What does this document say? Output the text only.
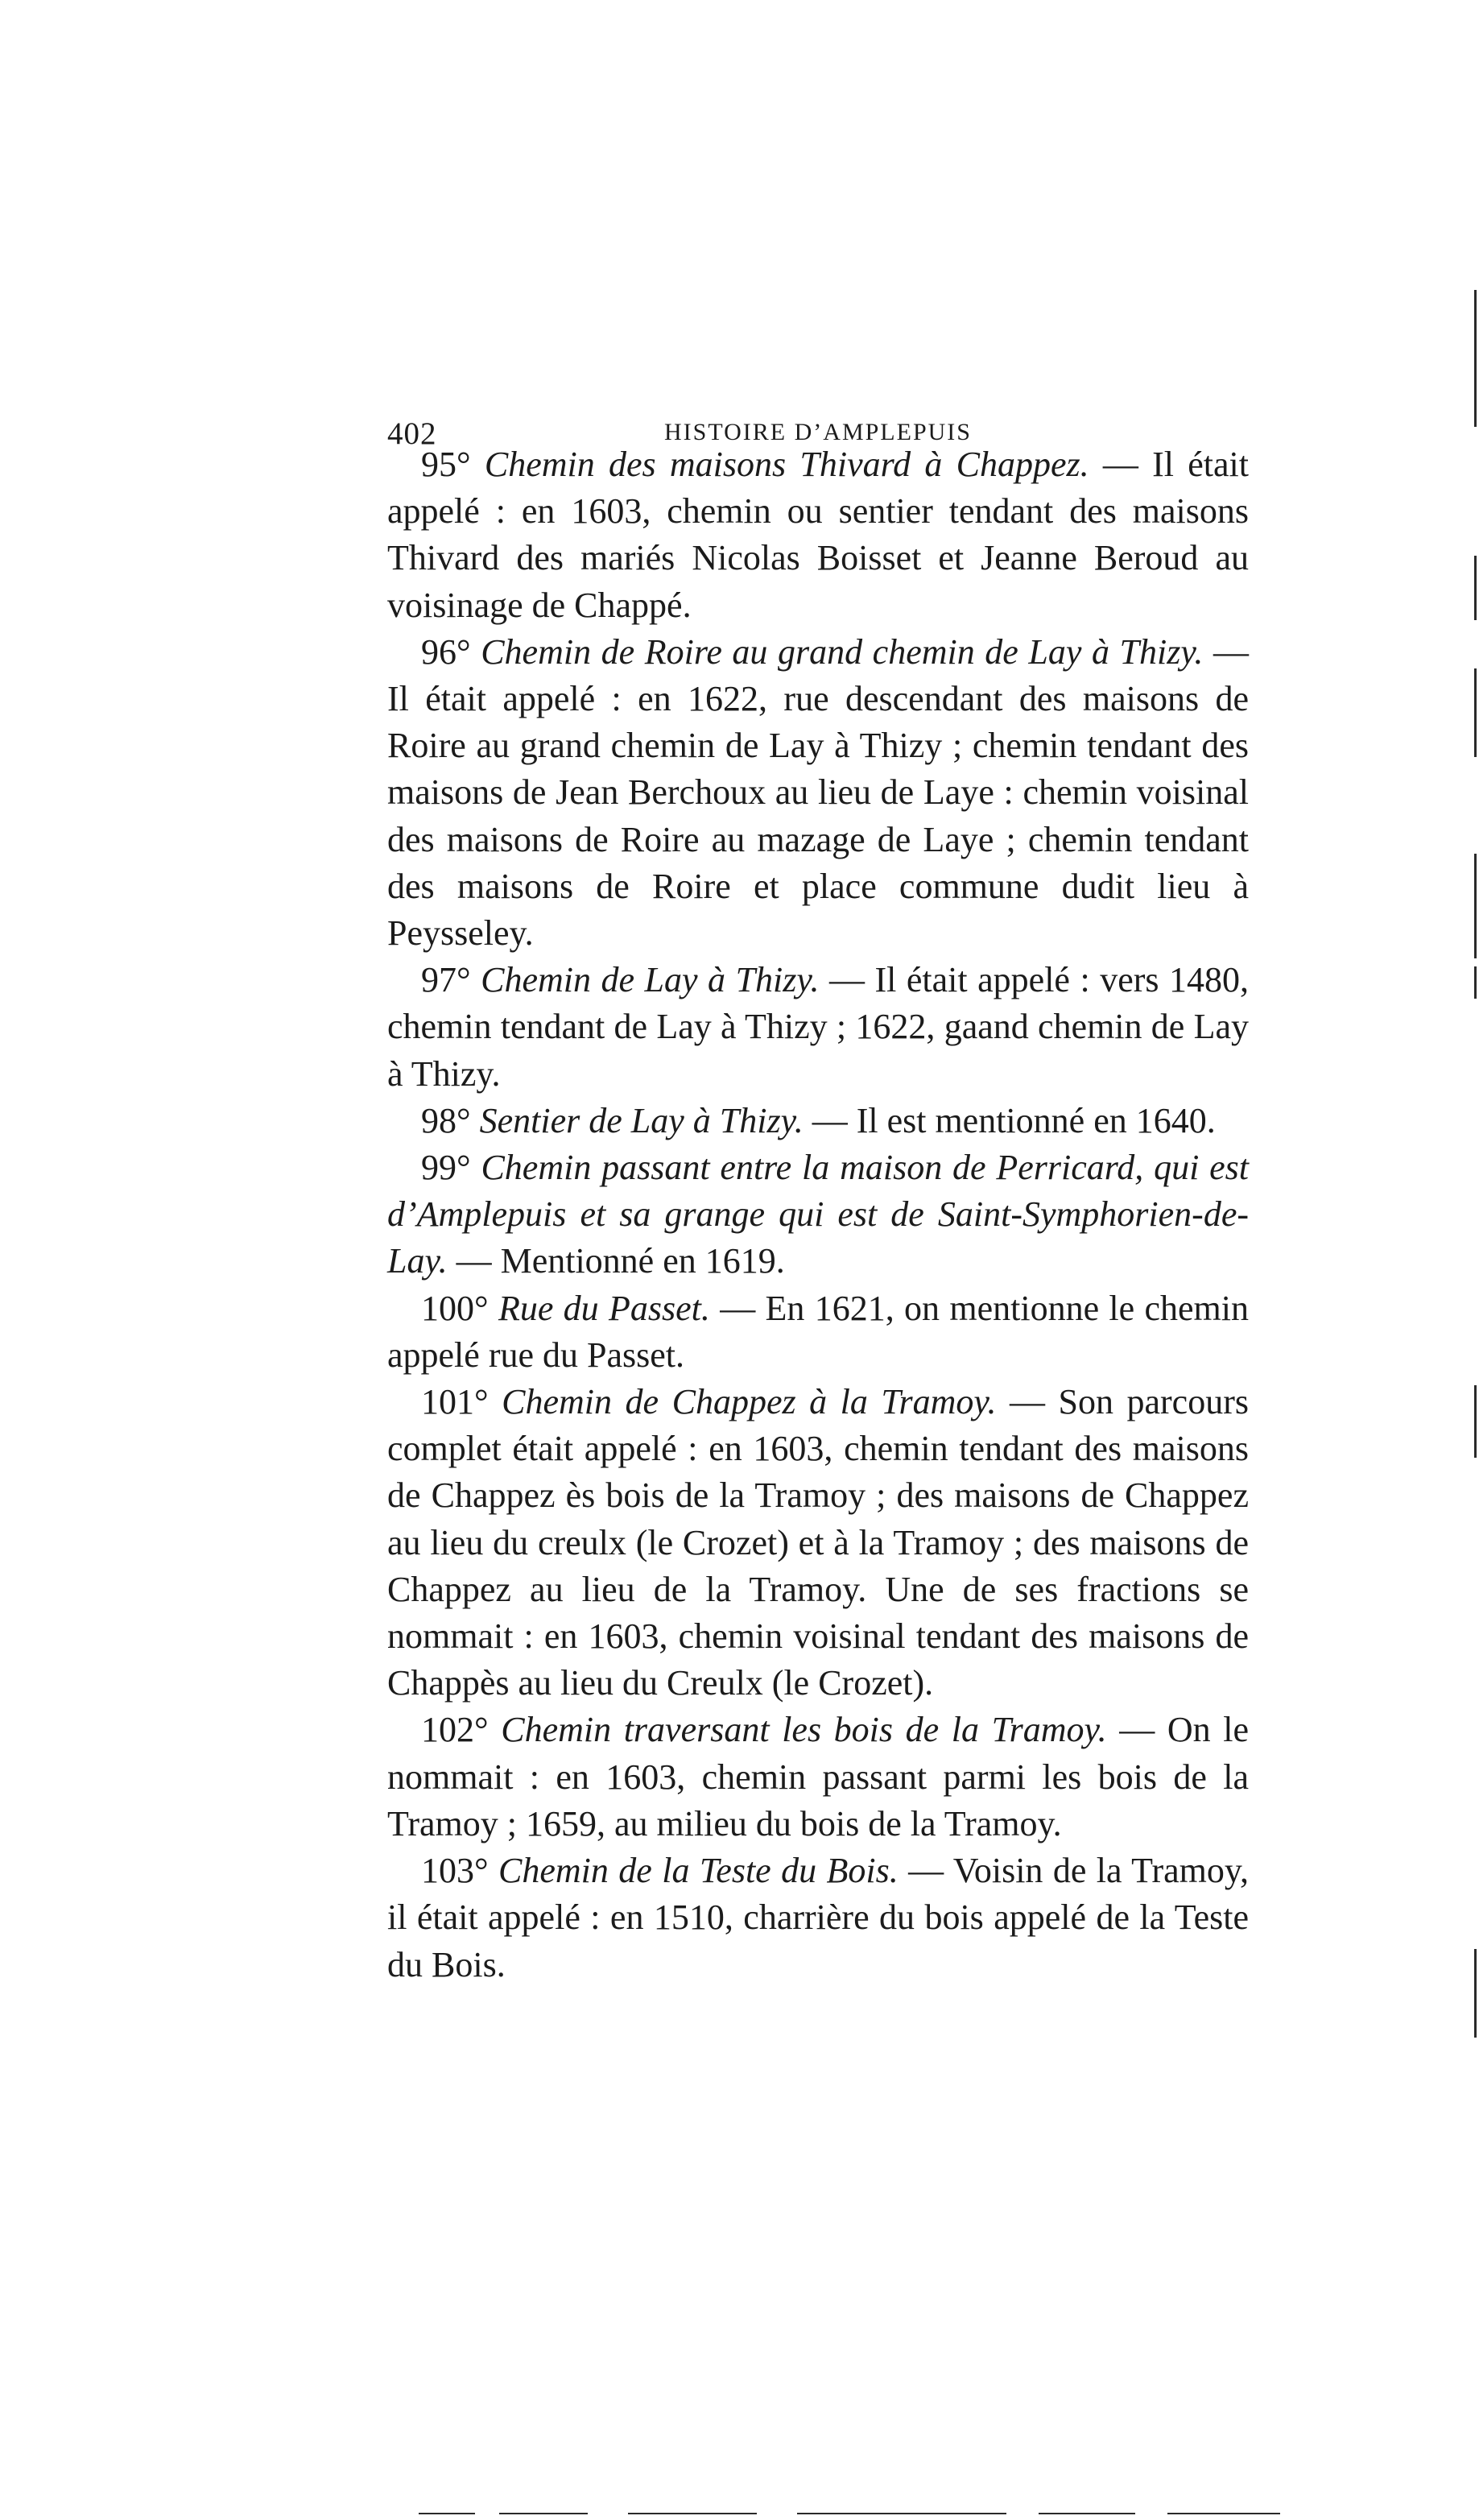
402	HISTOIRE D’AMPLEPUIS

95° Chemin des maisons Thivard à Chappez. — Il était appelé : en 1603, chemin ou sentier tendant des maisons Thivard des mariés Nicolas Boisset et Jeanne Beroud au voisinage de Chappé.

96° Chemin de Roire au grand chemin de Lay à Thizy. — Il était appelé : en 1622, rue descendant des maisons de Roire au grand chemin de Lay à Thizy ; chemin tendant des maisons de Jean Berchoux au lieu de Laye : chemin voisinal des maisons de Roire au mazage de Laye ; chemin tendant des maisons de Roire et place commune dudit lieu à Peysseley.

97° Chemin de Lay à Thizy. — Il était appelé : vers 1480, chemin tendant de Lay à Thizy ; 1622, gaand chemin de Lay à Thizy.

98° Sentier de Lay à Thizy. — Il est mentionné en 1640.

99° Chemin passant entre la maison de Perricard, qui est d’Amplepuis et sa grange qui est de Saint-Symphorien-de-Lay. — Mentionné en 1619.

100° Rue du Passet. — En 1621, on mentionne le chemin appelé rue du Passet.

101° Chemin de Chappez à la Tramoy. — Son parcours complet était appelé : en 1603, chemin tendant des maisons de Chappez ès bois de la Tramoy ; des maisons de Chappez au lieu du creulx (le Crozet) et à la Tramoy ; des maisons de Chappez au lieu de la Tramoy. Une de ses fractions se nommait : en 1603, chemin voisinal tendant des maisons de Chappès au lieu du Creulx (le Crozet).

102° Chemin traversant les bois de la Tramoy. — On le nommait : en 1603, chemin passant parmi les bois de la Tramoy ; 1659, au milieu du bois de la Tramoy.

103° Chemin de la Teste du Bois. — Voisin de la Tramoy, il était appelé : en 1510, charrière du bois appelé de la Teste du Bois.
